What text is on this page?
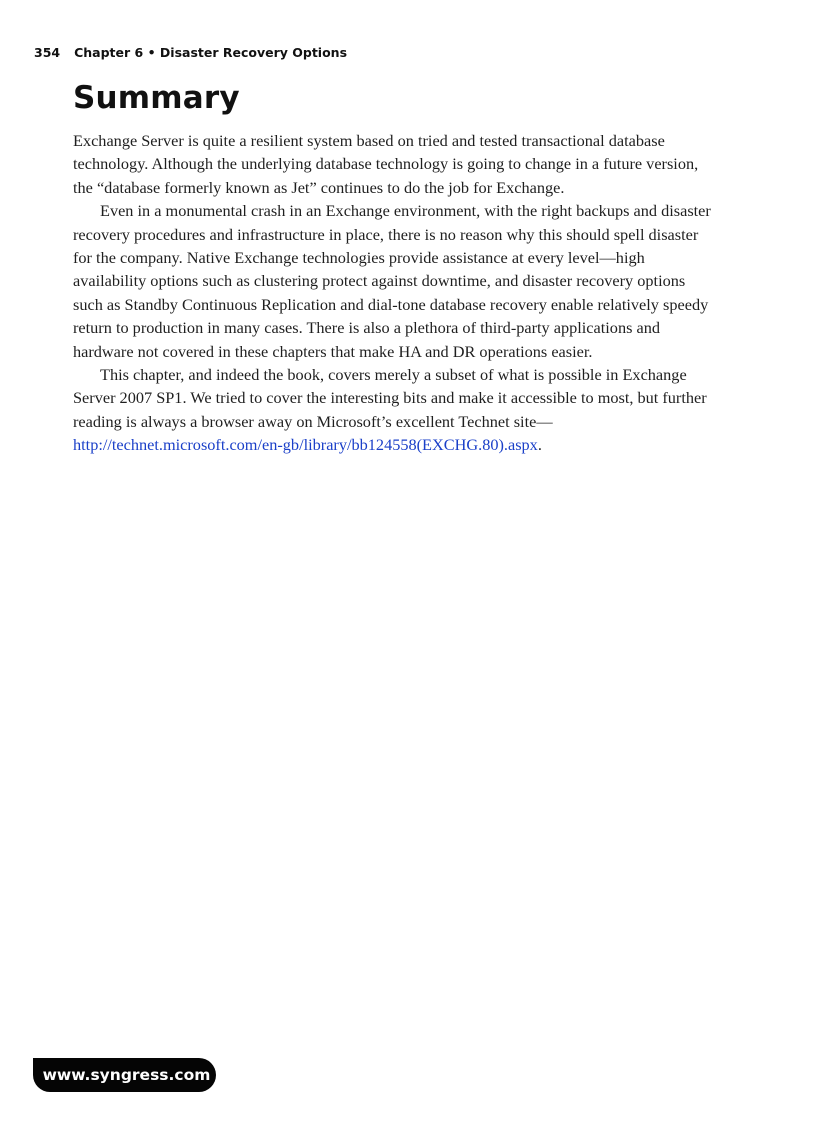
354 Chapter 6 • Disaster Recovery Options
Summary

Exchange Server is quite a resilient system based on tried and tested transactional database technology. Although the underlying database technology is going to change in a future version, the “database formerly known as Jet” continues to do the job for Exchange.

Even in a monumental crash in an Exchange environment, with the right backups and disaster recovery procedures and infrastructure in place, there is no reason why this should spell disaster for the company. Native Exchange technologies provide assistance at every level—high availability options such as clustering protect against downtime, and disaster recovery options such as Standby Continuous Replication and dial-tone database recovery enable relatively speedy return to production in many cases. There is also a plethora of third-party applications and hardware not covered in these chapters that make HA and DR operations easier.

This chapter, and indeed the book, covers merely a subset of what is possible in Exchange Server 2007 SP1. We tried to cover the interesting bits and make it accessible to most, but further reading is always a browser away on Microsoft’s excellent Technet site—http://technet.microsoft.com/en-gb/library/bb124558(EXCHG.80).aspx.

www.syngress.com
